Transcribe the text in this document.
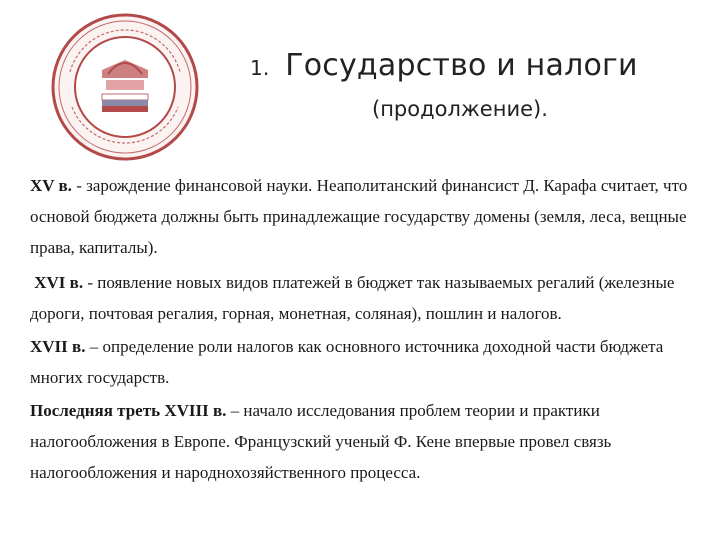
1. Государство и налоги
(продолжение).

XV в. - зарождение финансовой науки. Неаполитанский финансист Д. Карафа считает, что основой бюджета должны быть принадлежащие государству домены (земля, леса, вещные права, капиталы).

XVI в. - появление новых видов платежей в бюджет так называемых регалий (железные дороги, почтовая регалия, горная, монетная, соляная), пошлин и налогов.

XVII в. – определение роли налогов как основного источника доходной части бюджета многих государств.

Последняя треть XVIII в. – начало исследования проблем теории и практики налогообложения в Европе. Французский ученый Ф. Кене впервые провел связь налогообложения и народнохозяйственного процесса.
